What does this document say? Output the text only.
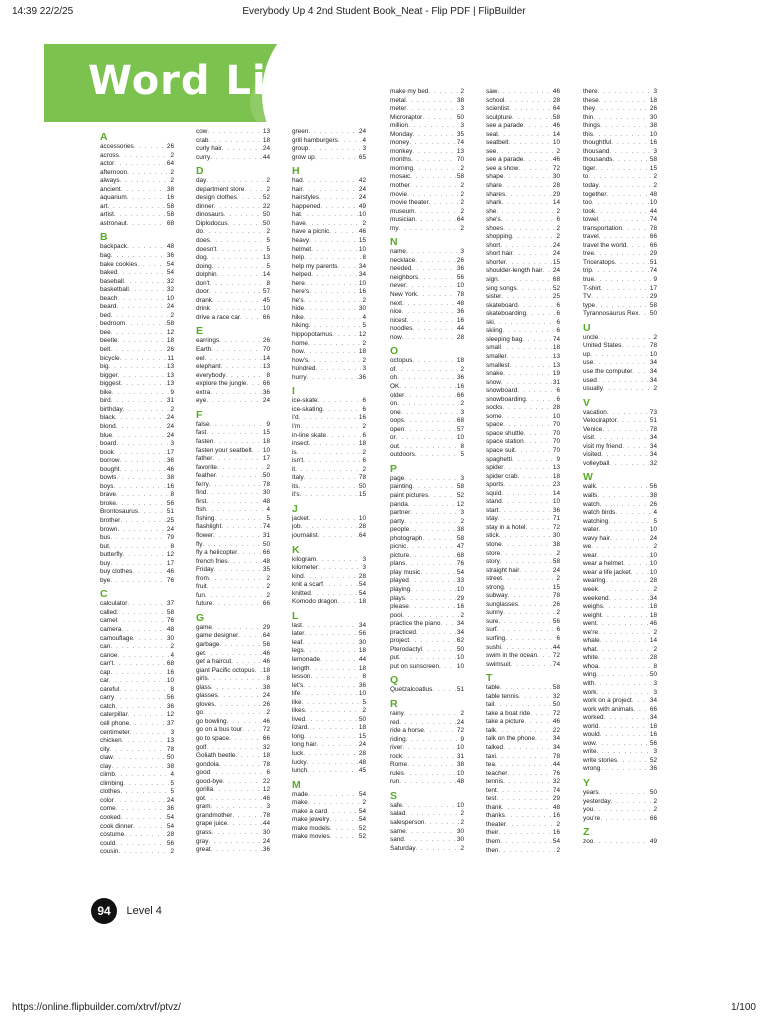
14:39 22/2/25	Everybody Up 4 2nd Student Book_Neat - Flip PDF | FlipBuilder
Word List
A
accessories . . .	26
across . . .	2
actor . . .	64
afternoon . . .	2
always . . .	2
ancient . . .	38
aquarium . . .	16
art . . .	58
artist . . .	58
astronaut . . .	68
B
backpack . . .	48
bag . . .	36
bake cookies . . .	54
baked . . .	54
baseball . . .	32
basketball . . .	32
beach . . .	10
beard . . .	24
bed . . .	2
bedroom . . .	58
bee . . .	12
beetle . . .	18
belt . . .	26
bicycle . . .	11
big . . .	13
bigger . . .	13
biggest . . .	13
bike . . .	9
bird . . .	31
birthday . . .	2
black . . .	24
blond . . .	24
blue . . .	24
board . . .	3
book . . .	17
borrow . . .	36
bought . . .	46
bowls . . .	38
boys . . .	16
brave . . .	8
broke . . .	56
Brontosaurus . . .	51
brother . . .	25
brown . . .	24
bus . . .	79
but . . .	8
butterfly . . .	12
buy . . .	17
buy clothes . . .	46
bye . . .	76
C
calculator . . .	37
called . . .	58
camel . . .	76
camera . . .	48
camouflage . . .	30
can . . .	2
canoe . . .	4
can't . . .	68
cap . . .	16
car . . .	10
careful . . .	8
carry . . .	56
catch . . .	36
caterpillar . . .	12
cell phone . . .	37
centimeter . . .	3
chicken . . .	13
city . . .	78
claw . . .	50
clay . . .	38
climb . . .	4
climbing . . .	5
clothes . . .	5
color . . .	24
come . . .	36
cooked . . .	54
cook dinner . . .	54
costume . . .	28
could . . .	56
cousin . . .	2
cow . . .	13
crab . . .	18
curly hair . . .	24
curry . . .	44
D
day . . .	2
department store . . .	2
design clothes . . .	52
dinner . . .	22
dinosaurs . . .	50
Diplodocus . . .	50
do . . .	2
does . . .	5
doesn't . . .	5
dog . . .	13
doing . . .	5
dolphin . . .	14
don't . . .	8
door . . .	57
drank . . .	45
drink . . .	10
drive a race car . . .	66
E
earrings . . .	26
Earth . . .	70
eel . . .	14
elephant . . .	13
everybody . . .	8
explore the jungle . . .	66
extra . . .	36
eye . . .	24
F
false . . .	9
fast . . .	15
fasten . . .	18
fasten your seatbelt . . . 10
father . . .	17
favorite . . .	2
feather . . .	50
ferry . . .	78
find . . .	30
first . . .	48
fish . . .	4
fishing . . .	5
flashlight . . .	74
flower . . .	31
fly . . .	50
fly a helicopter . . .	66
french fries . . .	48
Friday . . .	35
from . . .	2
fruit . . .	2
fun . . .	2
future . . .	66
G
game . . .	29
game designer . . .	64
garbage . . .	56
get . . .	46
get a haircut . . .	46
giant Pacific octopus . . . 18
girls . . .	8
glass . . .	38
glasses . . .	24
gloves . . .	26
go . . .	2
go bowling . . .	46
go on a bus tour . . .	72
go to space . . .	66
golf . . .	32
Goliath beetle . . .	18
gondola . . .	78
good . . .	6
good-bye . . .	22
gorilla . . .	12
got . . .	46
gram . . .	3
grandmother . . .	78
grape juice . . .	44
grass . . .	30
gray . . .	24
great . . .	36
green . . .	24
grill hamburgers . . .	4
group . . .	3
grow up . . .	65
H
had . . .	42
hair . . .	24
hairstyles . . .	24
happened . . .	49
hat . . .	10
have . . .	2
have a picnic . . .	46
heavy . . .	15
helmet . . .	10
help . . .	8
help my parents . . .	34
helped . . .	34
here . . .	10
here's . . .	16
he's . . .	2
hide . . .	30
hike . . .	4
hiking . . .	5
hippopotamus . . .	12
home . . .	2
how . . .	18
how's . . .	2
hundred . . .	3
hurry . . .	36
I
ice-skate . . .	6
ice-skating . . .	6
I'd . . .	16
I'm . . .	2
in-line skate . . .	6
insect . . .	18
is . . .	2
isn't . . .	6
it . . .	2
Italy . . .	78
its . . .	50
it's . . .	15
J
jacket . . .	10
job . . .	28
journalist . . .	64
K
kilogram . . .	3
kilometer . . .	3
kind . . .	28
knit a scarf . . .	54
knitted . . .	54
Komodo dragon . . .	18
L
last . . .	34
later . . .	56
leaf . . .	30
legs . . .	18
lemonade . . .	44
length . . .	18
lesson . . .	8
let's . . .	36
life . . .	10
like . . .	5
likes . . .	2
lived . . .	50
lizard . . .	18
long . . .	15
long hair . . .	24
luck . . .	28
lucky . . .	48
lunch . . .	45
M
made . . .	54
make . . .	2
make a card . . .	54
make jewelry . . .	54
make models . . .	52
make movies . . .	52
make my bed . . .	2
metal . . .	38
meter . . .	3
Microraptor . . .	50
million . . .	3
Monday . . .	35
money . . .	74
monkey . . .	13
months . . .	70
morning . . .	2
mosaic . . .	58
mother . . .	2
movie . . .	2
movie theater . . .	2
museum . . .	2
musician . . .	64
my . . .	2
N
name . . .	3
necklace . . .	26
needed . . .	36
neighbors . . .	56
never . . .	10
New York . . .	78
next . . .	48
nice . . .	36
nicest . . .	16
noodles . . .	44
now . . .	28
O
octopus . . .	18
of . . .	2
oh . . .	36
OK . . .	16
older . . .	66
on . . .	2
one . . .	3
oops . . .	68
open . . .	57
or . . .	10
out . . .	8
outdoors . . .	5
P
page . . .	3
painting . . .	58
paint pictures . . .	52
panda . . .	12
partner . . .	3
party . . .	2
people . . .	38
photograph . . .	58
picnic . . .	47
picture . . .	68
plans . . .	76
play music . . .	54
played . . .	33
playing . . .	10
plays . . .	29
please . . .	16
pool . . .	2
practice the piano . . .	34
practiced . . .	34
project . . .	62
Pterodactyl . . .	50
put . . .	10
put on sunscreen . . .	10
Q
Quetzalcoatlus . . .	51
R
rainy . . .	2
red . . .	24
ride a horse . . .	72
riding . . .	9
river . . .	10
rock . . .	31
Rome . . .	38
rules . . .	10
run . . .	48
S
safe . . .	10
salad . . .	2
salesperson . . .	2
same . . .	30
sand . . .	30
Saturday . . .	2
saw . . .	46
school . . .	28
scientist . . .	64
sculpture . . .	58
see a parade . . .	46
seal . . .	14
seatbelt . . .	10
see . . .	2
see a parade . . .	46
see a show . . .	72
shape . . .	30
share . . .	28
shares . . .	29
shark . . .	14
she . . .	2
she's . . .	6
shoes . . .	2
shopping . . .	2
short . . .	24
short hair . . .	24
shorter . . .	15
shoulder-length hair . . . 24
sign . . .	68
sing songs . . .	52
sister . . .	25
skateboard . . .	6
skateboarding . . .	6
ski . . .	6
skiing . . .	6
sleeping bag . . .	74
small . . .	18
smaller . . .	13
smallest . . .	13
snake . . .	19
snow . . .	31
snowboard . . .	6
snowboarding . . .	6
socks . . .	28
some . . .	10
space . . .	70
space shuttle . . .	70
space station . . .	70
space suit . . .	70
spaghetti . . .	9
spider . . .	13
spider crab . . .	18
sports . . .	23
squid . . .	14
stand . . .	10
start . . .	36
stay . . .	71
stay in a hotel . . .	72
stick . . .	30
stone . . .	38
store . . .	2
story . . .	58
straight hair . . .	24
street . . .	2
strong . . .	15
subway . . .	78
sunglasses . . .	26
sunny . . .	2
sure . . .	56
surf . . .	6
surfing . . .	6
sushi . . .	44
swim in the ocean . . . 72
swimsuit . . .	74
T
table . . .	58
table tennis . . .	32
tail . . .	50
take a boat ride . . .	72
take a picture . . .	46
talk . . .	22
talk on the phone . . .	34
talked . . .	34
taxi . . .	78
tea . . .	44
teacher . . .	76
tennis . . .	32
tent . . .	74
test . . .	29
thank . . .	48
thanks . . .	16
theater . . .	2
their . . .	16
them . . .	54
then . . .	2
there . . .	3
these . . .	18
they . . .	26
thin . . .	30
things . . .	38
this . . .	10
thoughtful . . .	16
thousand . . .	3
thousands . . .	58
tiger . . .	15
to . . .	2
today . . .	2
together . . .	48
too . . .	10
took . . .	44
towel . . .	74
transportation . . .	78
travel . . .	66
travel the world . . .	66
tree . . .	29
Triceratops . . .	51
trip . . .	74
true . . .	9
T-shirt . . .	17
TV . . .	29
type . . .	58
Tyrannosaurus Rex . . . 50
U
uncle . . .	2
United States . . .	78
up . . .	10
use . . .	34
use the computer . . .	34
used . . .	34
usually . . .	2
V
vacation . . .	73
Velociraptor . . .	51
Venice . . .	78
visit . . .	34
visit my friend . . .	34
visited . . .	34
volleyball . . .	32
W
walk . . .	56
walls . . .	38
watch . . .	26
watch birds . . .	4
watching . . .	5
water . . .	10
wavy hair . . .	24
we . . .	2
wear . . .	10
wear a helmet . . .	10
wear a life jacket . . .	10
wearing . . .	28
week . . .	2
weekend . . .	34
weighs . . .	18
weight . . .	18
went . . .	46
we're . . .	2
whale . . .	14
what . . .	2
white . . .	28
whoa . . .	8
wing . . .	50
with . . .	3
work . . .	3
work on a project . . .	34
work with animals . . .	66
worked . . .	34
world . . .	18
would . . .	16
wow . . .	56
write . . .	3
write stories . . .	52
wrong . . .	36
Y
years . . .	50
yesterday . . .	2
you . . .	2
you're . . .	66
Z
zoo . . .	49
94 Level 4
https://online.flipbuilder.com/xtrvf/ptvz/	1/100
